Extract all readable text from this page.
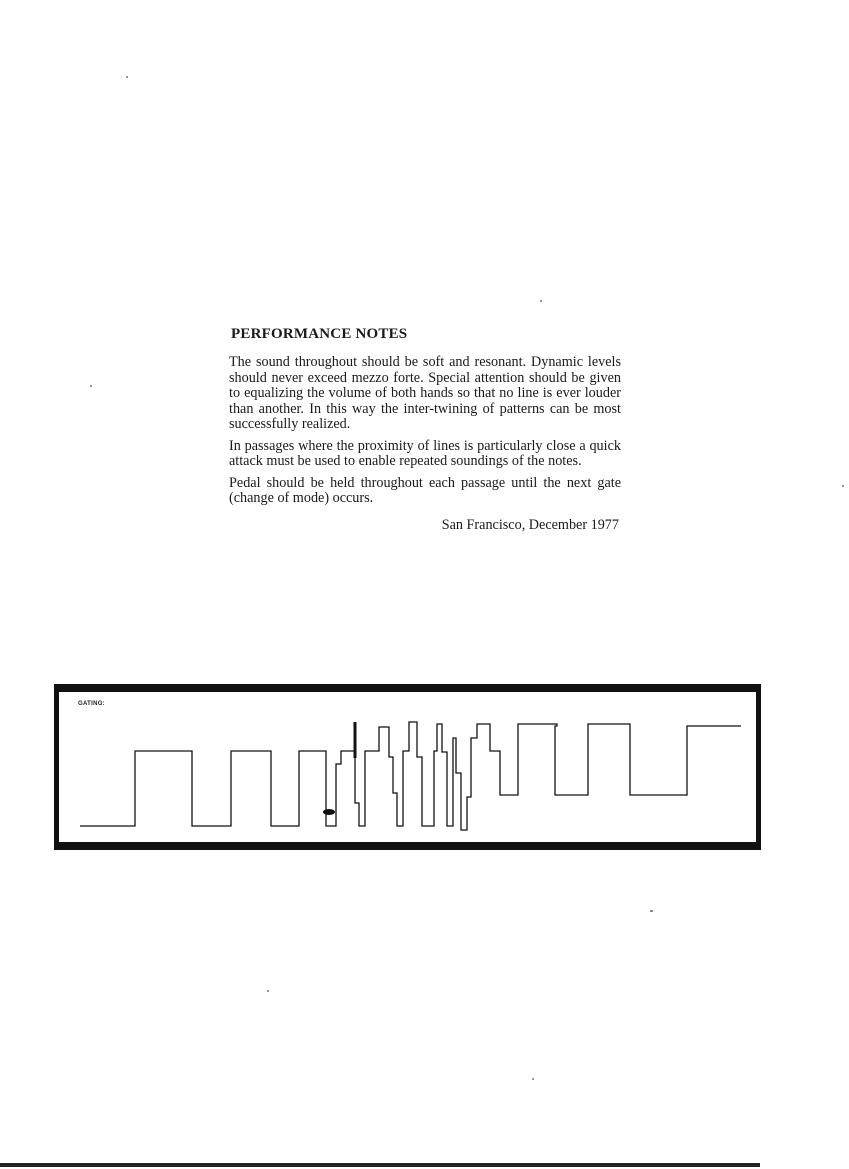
PERFORMANCE NOTES

The sound throughout should be soft and resonant. Dynamic levels should never exceed mezzo forte. Special attention should be given to equalizing the volume of both hands so that no line is ever louder than another. In this way the inter-twining of patterns can be most successfully realized.

In passages where the proximity of lines is particularly close a quick attack must be used to enable repeated soundings of the notes.

Pedal should be held throughout each passage until the next gate (change of mode) occurs.

San Francisco, December 1977
GATING:
